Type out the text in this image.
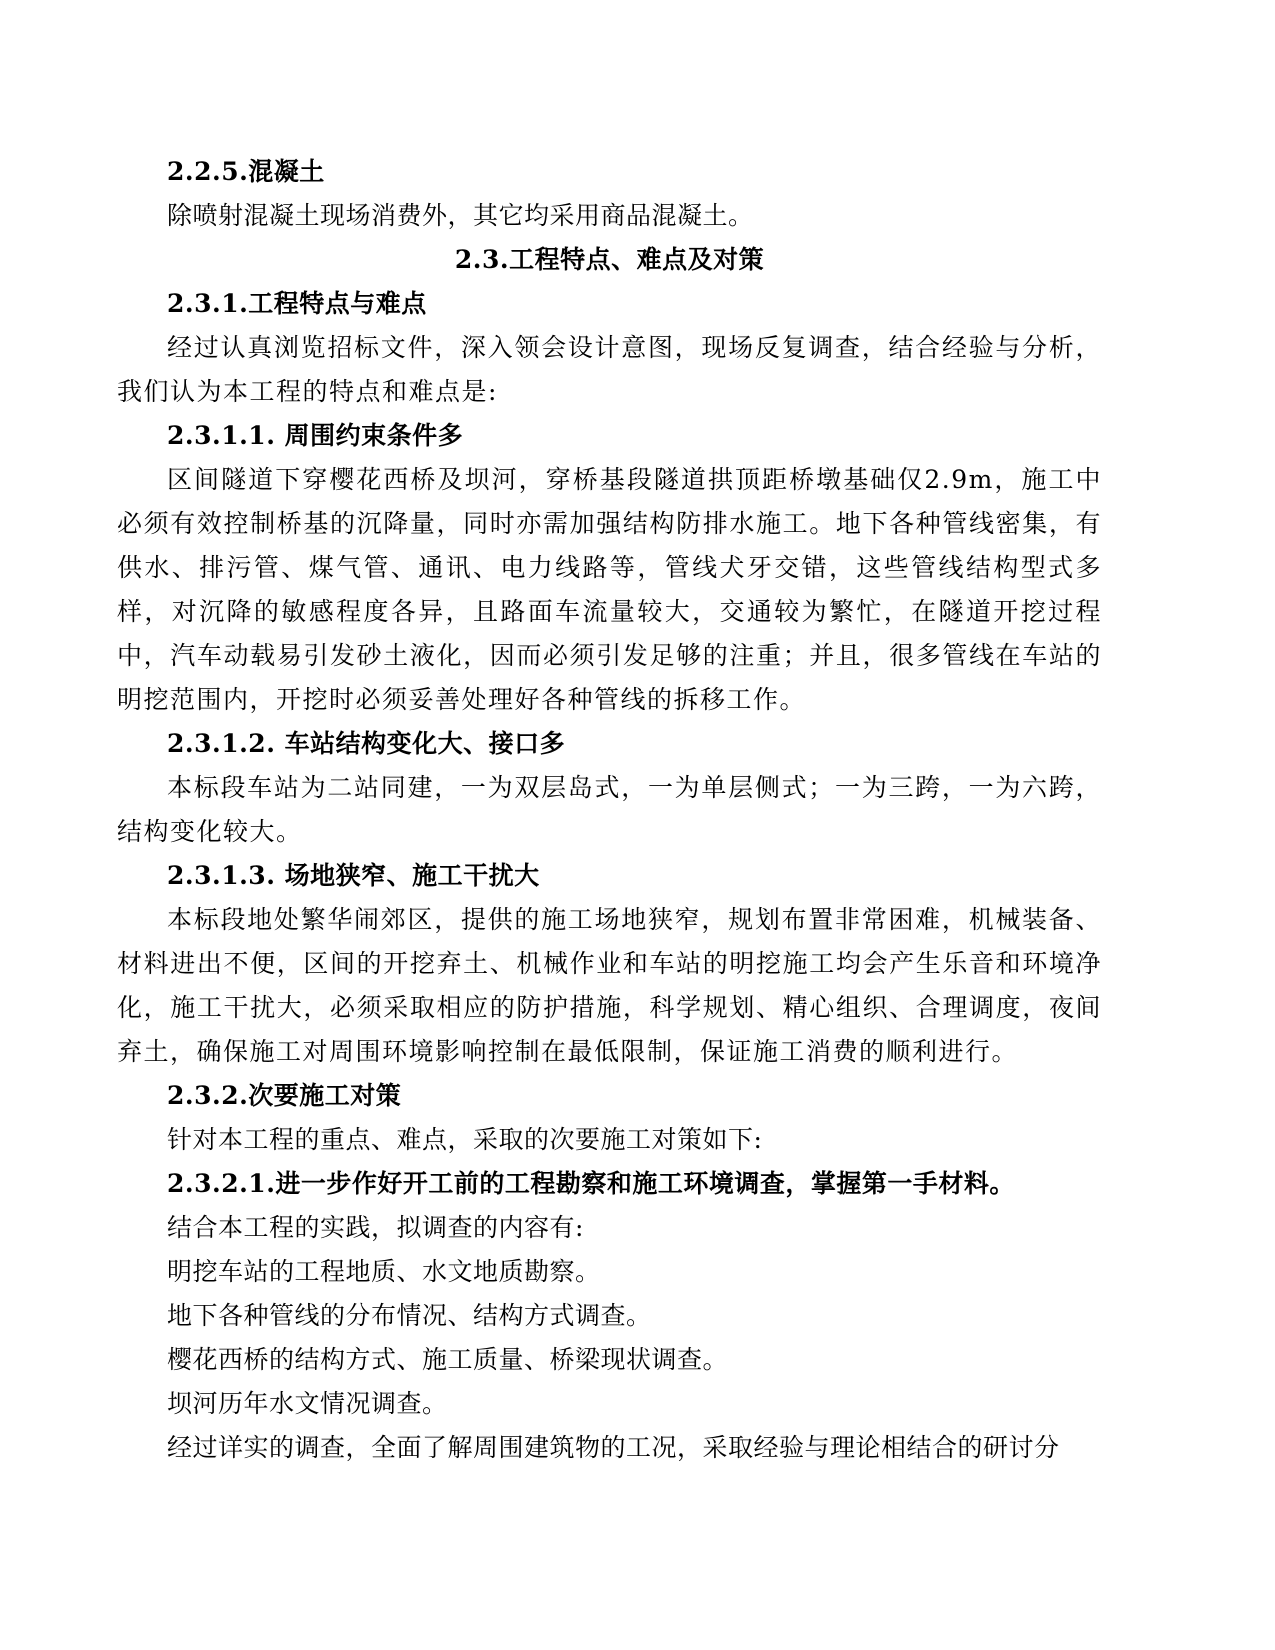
2.2.5.混凝土
除喷射混凝土现场消费外，其它均采用商品混凝土。
2.3.工程特点、难点及对策
2.3.1.工程特点与难点

经过认真浏览招标文件，深入领会设计意图，现场反复调查，结合经验与分析，我们认为本工程的特点和难点是:

2.3.1.1. 周围约束条件多

区间隧道下穿樱花西桥及坝河，穿桥基段隧道拱顶距桥墩基础仅2.9m，施工中必须有效控制桥基的沉降量，同时亦需加强结构防排水施工。地下各种管线密集，有供水、排污管、煤气管、通讯、电力线路等，管线犬牙交错，这些管线结构型式多样，对沉降的敏感程度各异，且路面车流量较大，交通较为繁忙，在隧道开挖过程中，汽车动载易引发砂土液化，因而必须引发足够的注重；并且，很多管线在车站的明挖范围内，开挖时必须妥善处理好各种管线的拆移工作。

2.3.1.2. 车站结构变化大、接口多

本标段车站为二站同建，一为双层岛式，一为单层侧式；一为三跨，一为六跨，结构变化较大。

2.3.1.3. 场地狭窄、施工干扰大

本标段地处繁华闹郊区，提供的施工场地狭窄，规划布置非常困难，机械装备、材料进出不便，区间的开挖弃土、机械作业和车站的明挖施工均会产生乐音和环境净化，施工干扰大，必须采取相应的防护措施，科学规划、精心组织、合理调度，夜间弃土，确保施工对周围环境影响控制在最低限制，保证施工消费的顺利进行。

2.3.2.次要施工对策
针对本工程的重点、难点，采取的次要施工对策如下:
2.3.2.1.进一步作好开工前的工程勘察和施工环境调查，掌握第一手材料。
结合本工程的实践，拟调查的内容有:
明挖车站的工程地质、水文地质勘察。
地下各种管线的分布情况、结构方式调查。
樱花西桥的结构方式、施工质量、桥梁现状调查。
坝河历年水文情况调查。
经过详实的调查，全面了解周围建筑物的工况，采取经验与理论相结合的研讨分
